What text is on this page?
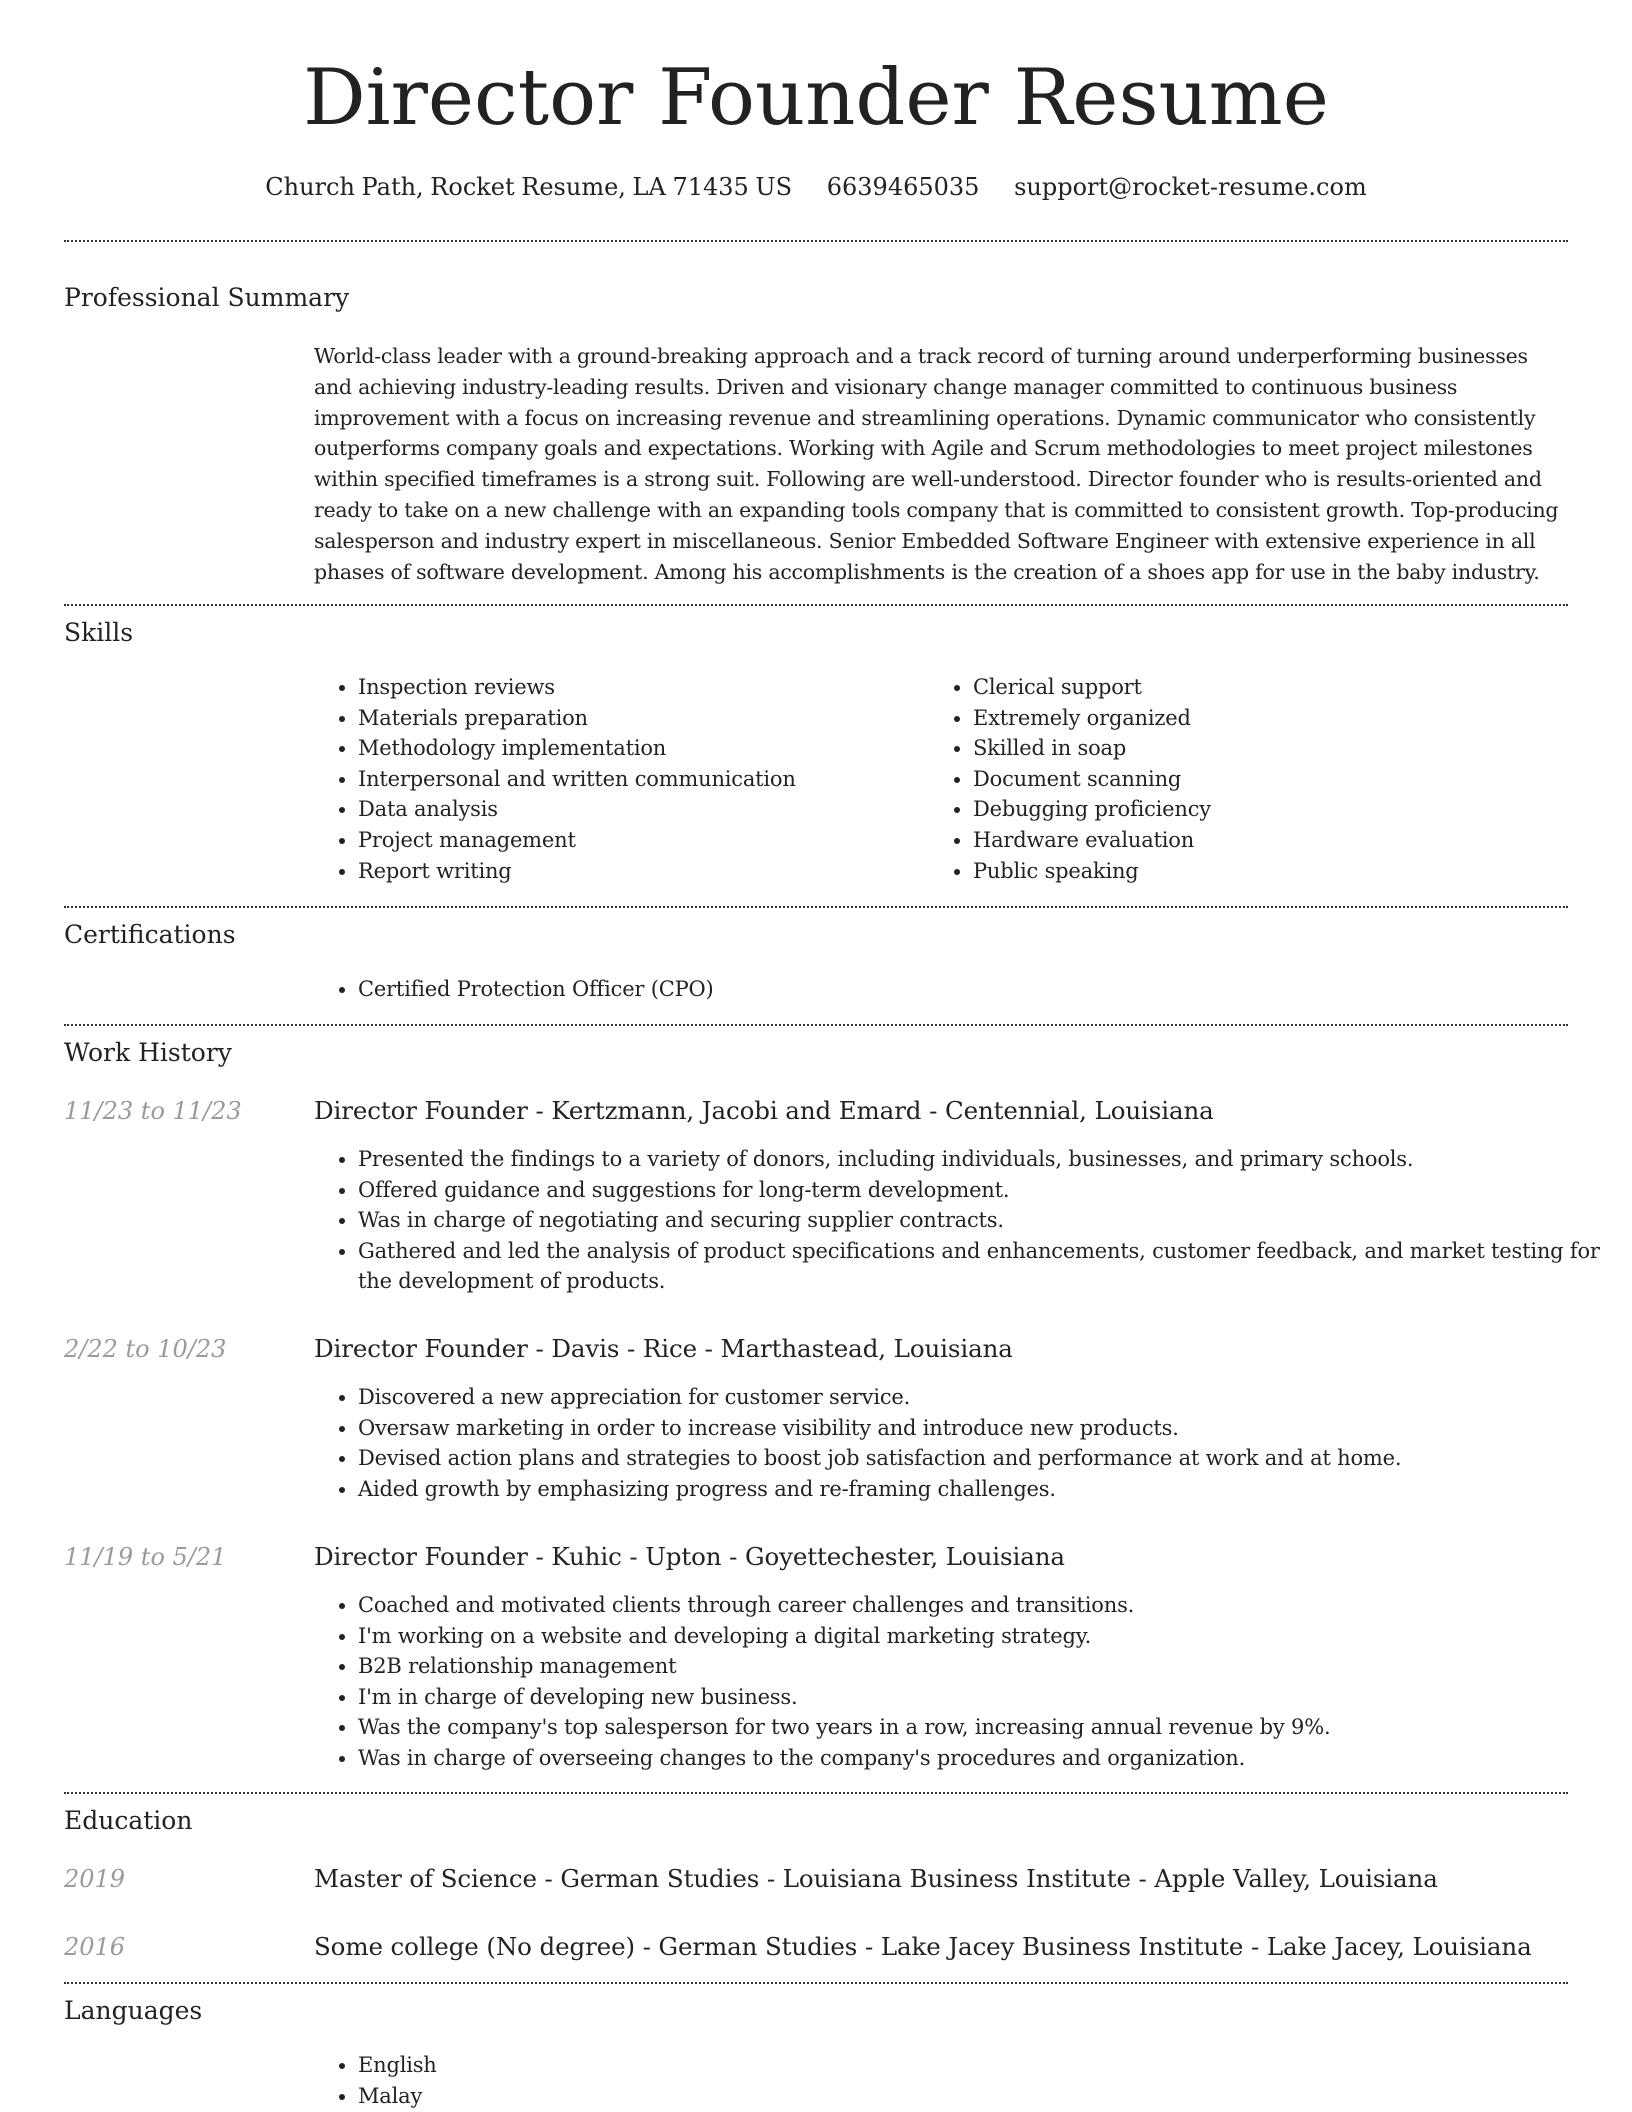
Director Founder Resume
Church Path, Rocket Resume, LA 71435 US 6639465035 support@rocket-resume.com
Professional Summary

World-class leader with a ground-breaking approach and a track record of turning around underperforming businesses and achieving industry-leading results. Driven and visionary change manager committed to continuous business improvement with a focus on increasing revenue and streamlining operations. Dynamic communicator who consistently outperforms company goals and expectations. Working with Agile and Scrum methodologies to meet project milestones within specified timeframes is a strong suit. Following are well-understood. Director founder who is results-oriented and ready to take on a new challenge with an expanding tools company that is committed to consistent growth. Top-producing salesperson and industry expert in miscellaneous. Senior Embedded Software Engineer with extensive experience in all phases of software development. Among his accomplishments is the creation of a shoes app for use in the baby industry.

Skills
• Inspection reviews
• Materials preparation
• Methodology implementation
• Interpersonal and written communication
• Data analysis
• Project management
• Report writing
• Clerical support
• Extremely organized
• Skilled in soap
• Document scanning
• Debugging proficiency
• Hardware evaluation
• Public speaking
Certifications
• Certified Protection Officer (CPO)
Work History
11/23 to 11/23	Director Founder - Kertzmann, Jacobi and Emard - Centennial, Louisiana
• Presented the findings to a variety of donors, including individuals, businesses, and primary schools.
• Offered guidance and suggestions for long-term development.
• Was in charge of negotiating and securing supplier contracts.
• Gathered and led the analysis of product specifications and enhancements, customer feedback, and market testing for the development of products.
2/22 to 10/23	Director Founder - Davis - Rice - Marthastead, Louisiana
• Discovered a new appreciation for customer service.
• Oversaw marketing in order to increase visibility and introduce new products.
• Devised action plans and strategies to boost job satisfaction and performance at work and at home.
• Aided growth by emphasizing progress and re-framing challenges.
11/19 to 5/21	Director Founder - Kuhic - Upton - Goyettechester, Louisiana
• Coached and motivated clients through career challenges and transitions.
• I'm working on a website and developing a digital marketing strategy.
• B2B relationship management
• I'm in charge of developing new business.
• Was the company's top salesperson for two years in a row, increasing annual revenue by 9%.
• Was in charge of overseeing changes to the company's procedures and organization.
Education
2019	Master of Science - German Studies - Louisiana Business Institute - Apple Valley, Louisiana
2016	Some college (No degree) - German Studies - Lake Jacey Business Institute - Lake Jacey, Louisiana
Languages
• English
• Malay
